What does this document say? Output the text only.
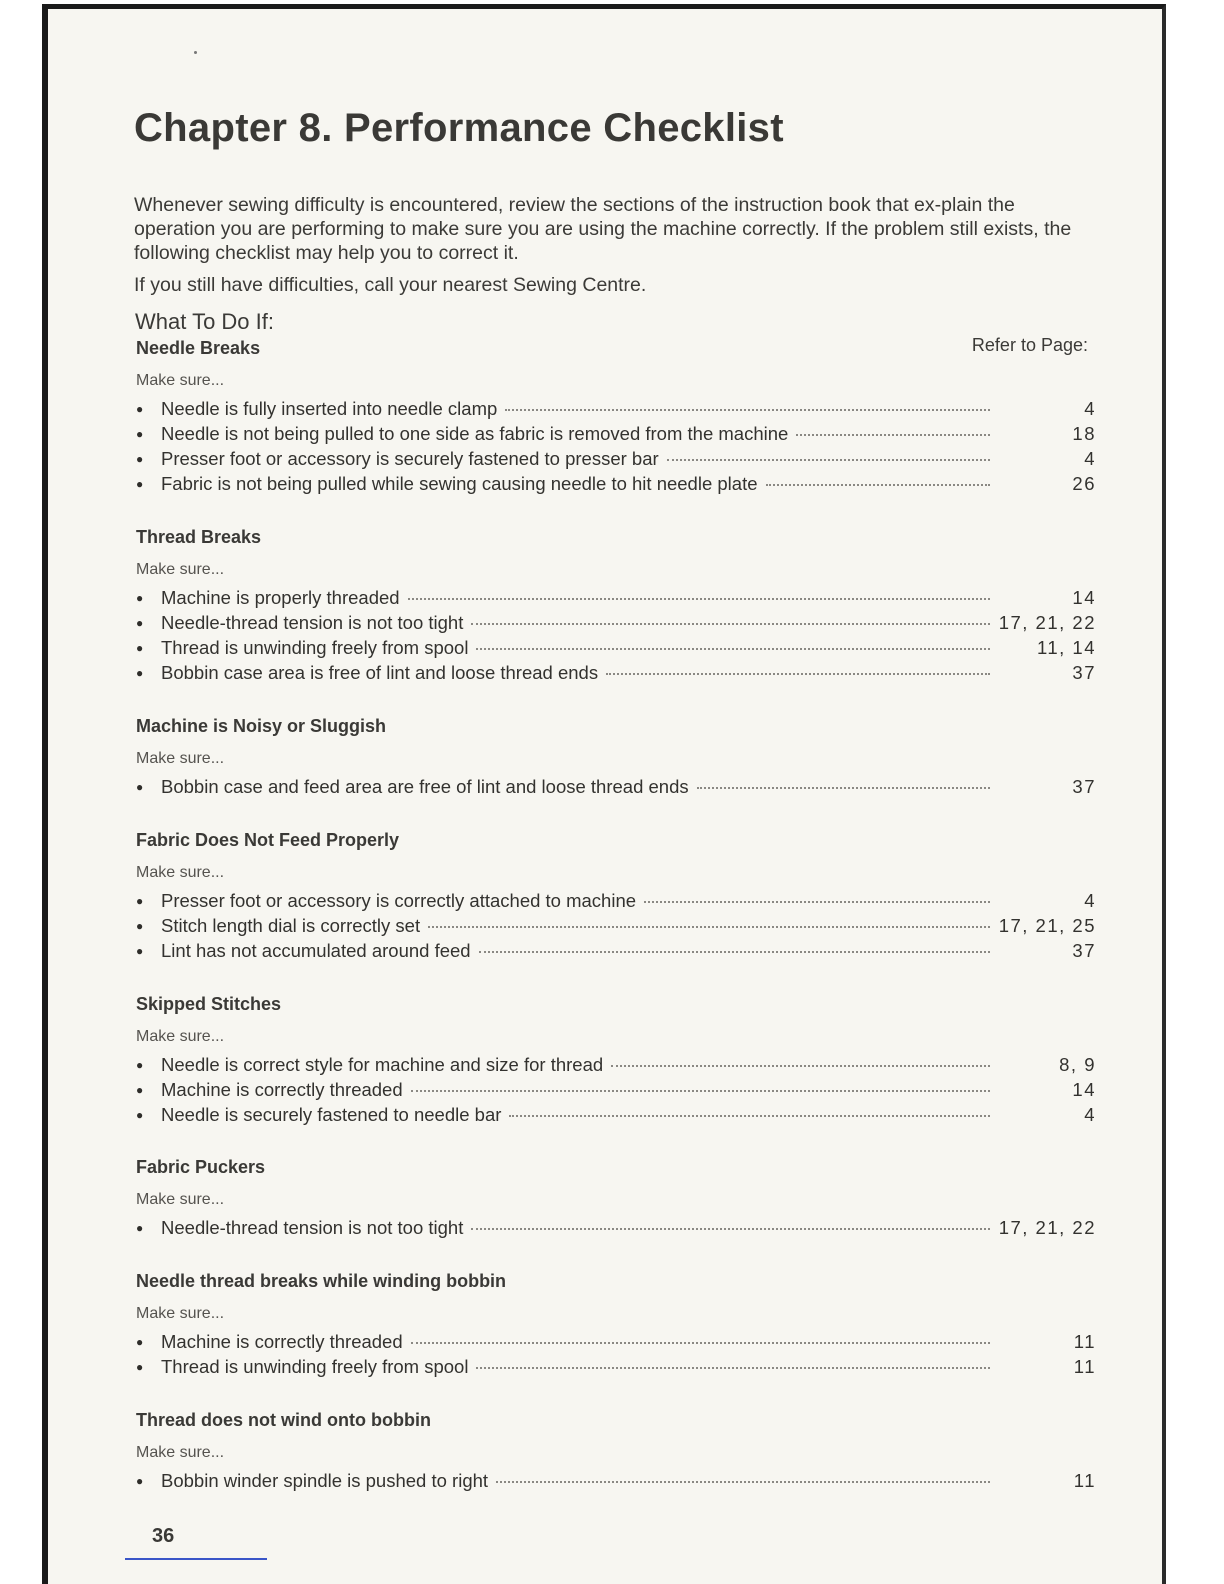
Chapter 8. Performance Checklist

Whenever sewing difficulty is encountered, review the sections of the instruction book that ex-plain the operation you are performing to make sure you are using the machine correctly. If the problem still exists, the following checklist may help you to correct it.

If you still have difficulties, call your nearest Sewing Centre.

What To Do If:
Refer to Page:
Needle Breaks
Make sure...
● Needle is fully inserted into needle clamp	4
● Needle is not being pulled to one side as fabric is removed from the machine	18
● Presser foot or accessory is securely fastened to presser bar	4
● Fabric is not being pulled while sewing causing needle to hit needle plate	26
Thread Breaks
Make sure...
● Machine is properly threaded	14
● Needle-thread tension is not too tight	17, 21, 22
● Thread is unwinding freely from spool	11, 14
● Bobbin case area is free of lint and loose thread ends	37
Machine is Noisy or Sluggish
Make sure...
● Bobbin case and feed area are free of lint and loose thread ends	37
Fabric Does Not Feed Properly
Make sure...
● Presser foot or accessory is correctly attached to machine	4
● Stitch length dial is correctly set	17, 21, 25
● Lint has not accumulated around feed	37
Skipped Stitches
Make sure...
● Needle is correct style for machine and size for thread	8, 9
● Machine is correctly threaded	14
● Needle is securely fastened to needle bar	4
Fabric Puckers
Make sure...
● Needle-thread tension is not too tight	17, 21, 22
Needle thread breaks while winding bobbin
Make sure...
● Machine is correctly threaded	11
● Thread is unwinding freely from spool	11
Thread does not wind onto bobbin
Make sure...
● Bobbin winder spindle is pushed to right	11
36
